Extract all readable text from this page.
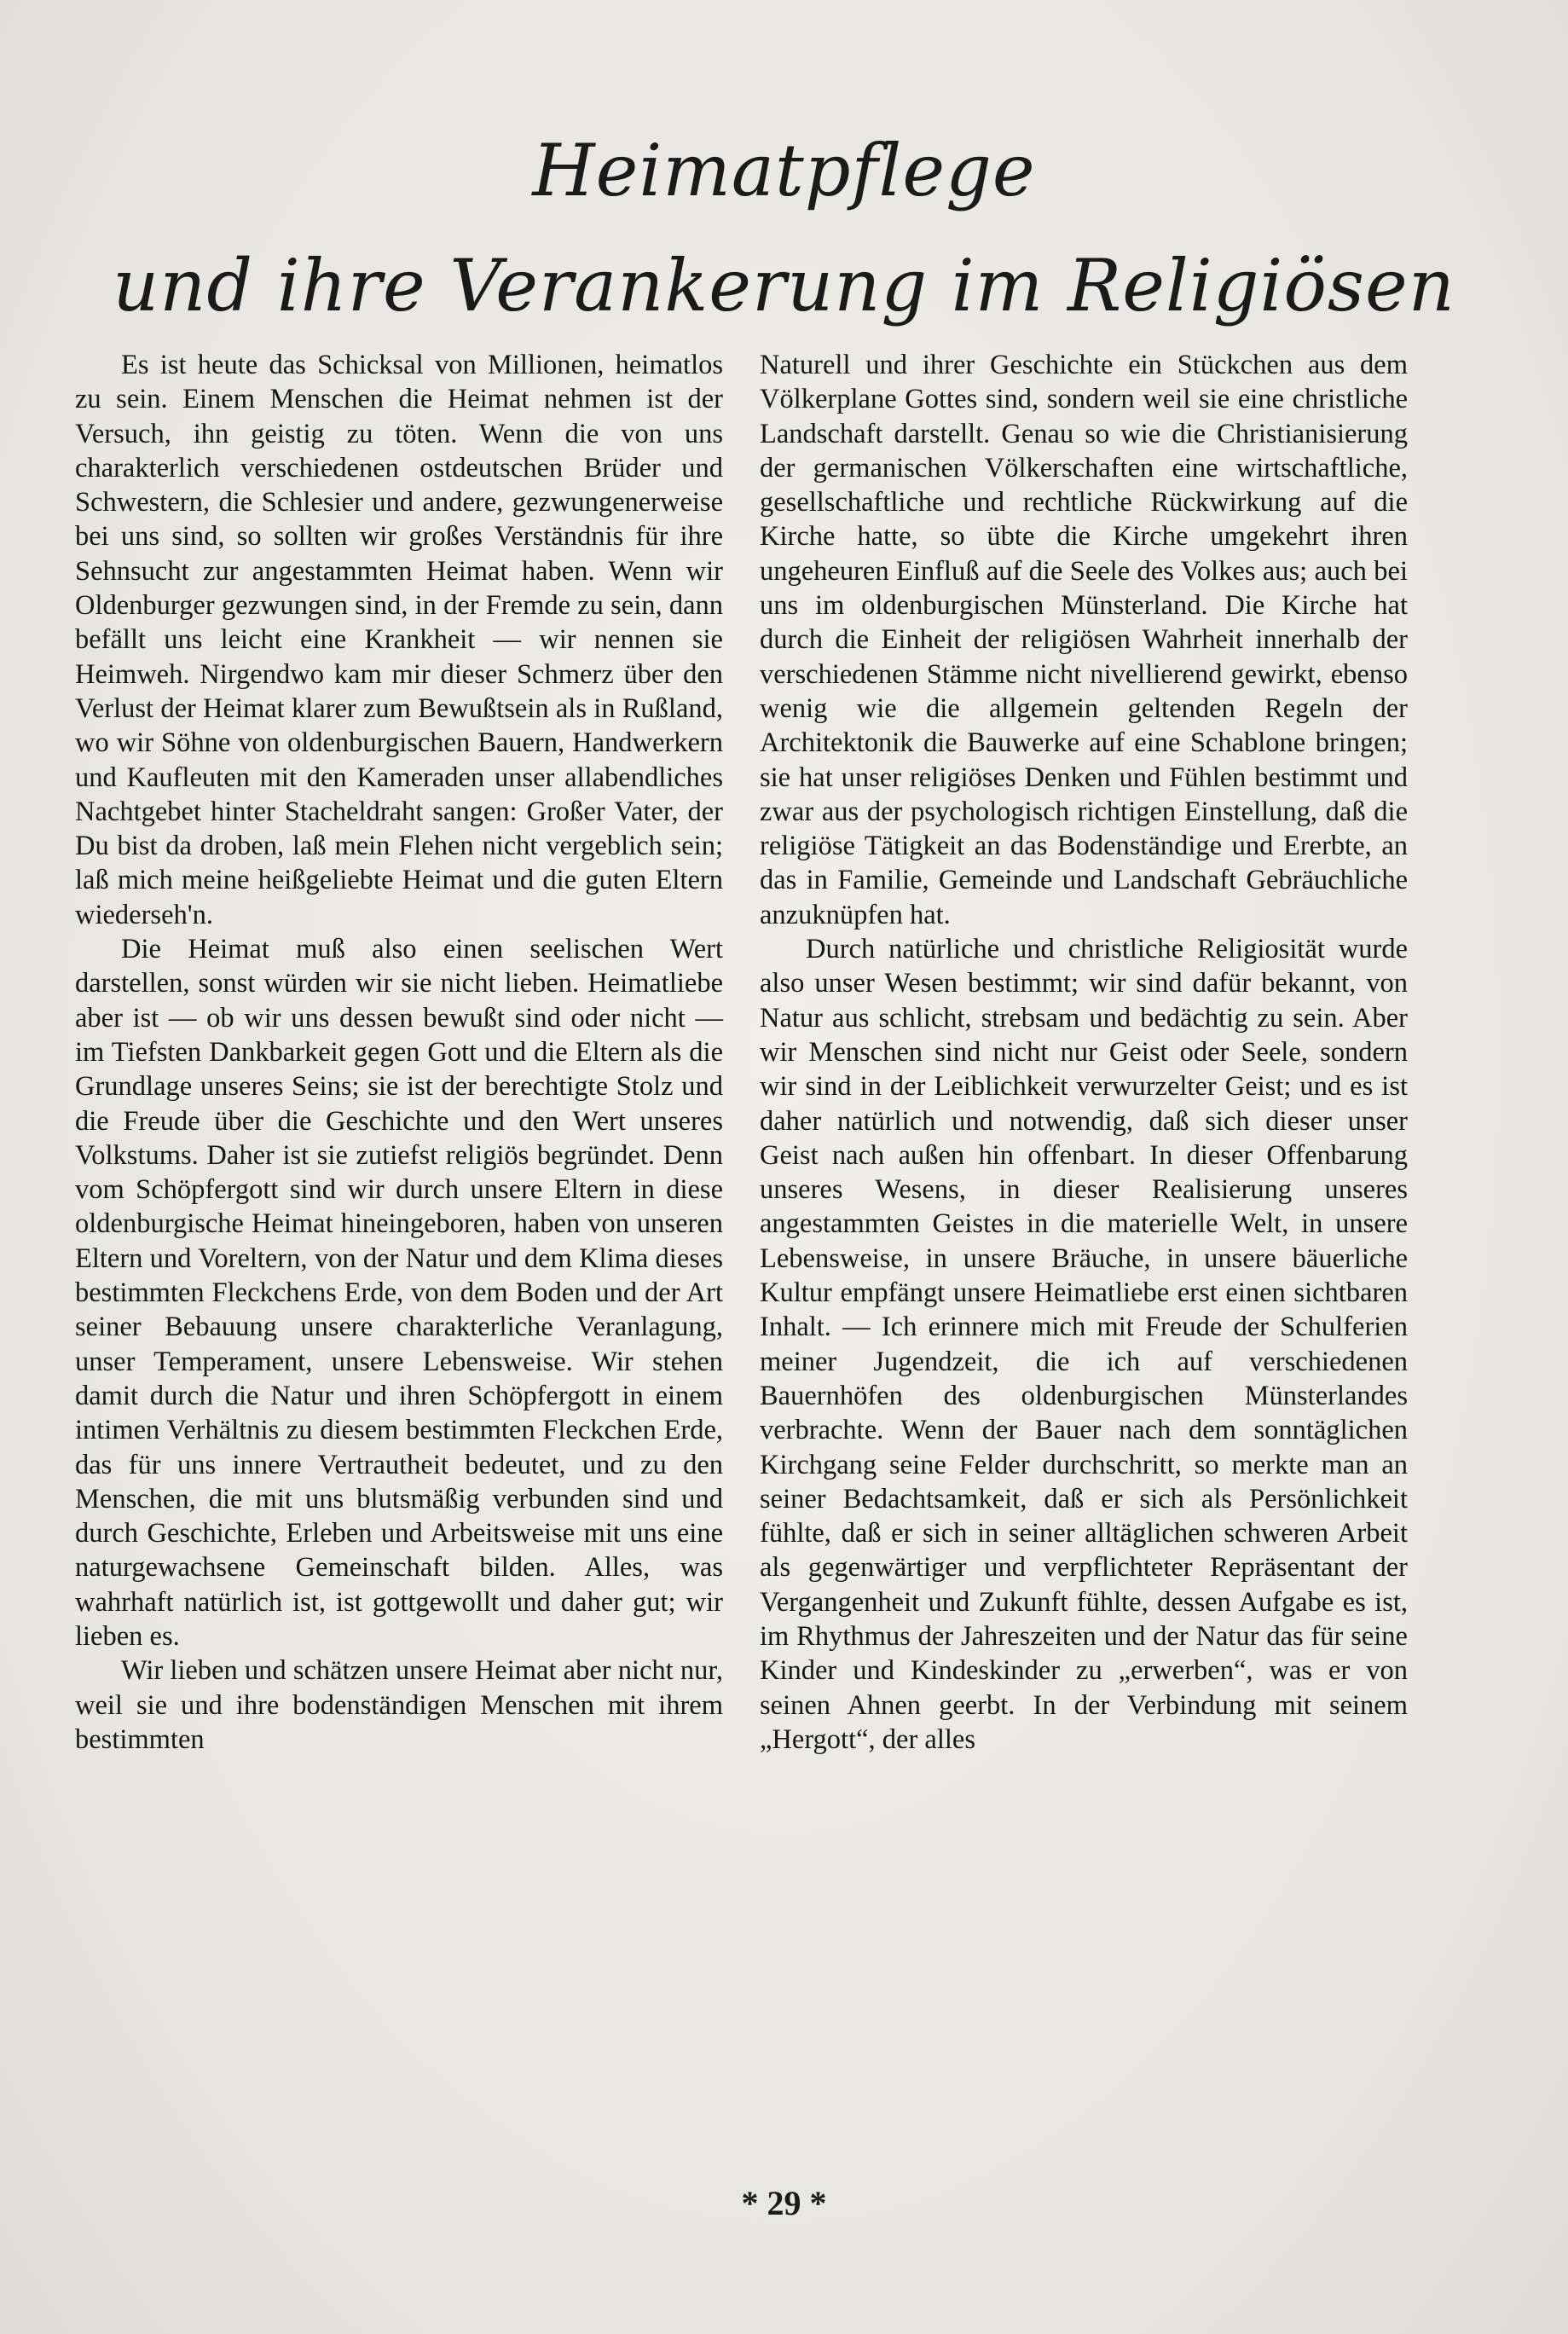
Heimatpflege
und ihre Verankerung im Religiösen

Es ist heute das Schicksal von Millionen, heimatlos zu sein. Einem Menschen die Heimat nehmen ist der Versuch, ihn geistig zu töten. Wenn die von uns charakterlich verschiedenen ostdeutschen Brüder und Schwestern, die Schlesier und andere, gezwungenerweise bei uns sind, so sollten wir großes Verständnis für ihre Sehnsucht zur angestammten Heimat haben. Wenn wir Oldenburger gezwungen sind, in der Fremde zu sein, dann befällt uns leicht eine Krankheit — wir nennen sie Heimweh. Nirgendwo kam mir dieser Schmerz über den Verlust der Heimat klarer zum Bewußtsein als in Rußland, wo wir Söhne von oldenburgischen Bauern, Handwerkern und Kaufleuten mit den Kameraden unser allabendliches Nachtgebet hinter Stacheldraht sangen: Großer Vater, der Du bist da droben, laß mein Flehen nicht vergeblich sein; laß mich meine heißgeliebte Heimat und die guten Eltern wiederseh'n.

Die Heimat muß also einen seelischen Wert darstellen, sonst würden wir sie nicht lieben. Heimatliebe aber ist — ob wir uns dessen bewußt sind oder nicht — im Tiefsten Dankbarkeit gegen Gott und die Eltern als die Grundlage unseres Seins; sie ist der berechtigte Stolz und die Freude über die Geschichte und den Wert unseres Volkstums. Daher ist sie zutiefst religiös begründet. Denn vom Schöpfergott sind wir durch unsere Eltern in diese oldenburgische Heimat hineingeboren, haben von unseren Eltern und Voreltern, von der Natur und dem Klima dieses bestimmten Fleckchens Erde, von dem Boden und der Art seiner Bebauung unsere charakterliche Veranlagung, unser Temperament, unsere Lebensweise. Wir stehen damit durch die Natur und ihren Schöpfergott in einem intimen Verhältnis zu diesem bestimmten Fleckchen Erde, das für uns innere Vertrautheit bedeutet, und zu den Menschen, die mit uns blutsmäßig verbunden sind und durch Geschichte, Erleben und Arbeitsweise mit uns eine naturgewachsene Gemeinschaft bilden. Alles, was wahrhaft natürlich ist, ist gottgewollt und daher gut; wir lieben es.

Wir lieben und schätzen unsere Heimat aber nicht nur, weil sie und ihre bodenständigen Menschen mit ihrem bestimmten

Naturell und ihrer Geschichte ein Stückchen aus dem Völkerplane Gottes sind, sondern weil sie eine christliche Landschaft darstellt. Genau so wie die Christianisierung der germanischen Völkerschaften eine wirtschaftliche, gesellschaftliche und rechtliche Rückwirkung auf die Kirche hatte, so übte die Kirche umgekehrt ihren ungeheuren Einfluß auf die Seele des Volkes aus; auch bei uns im oldenburgischen Münsterland. Die Kirche hat durch die Einheit der religiösen Wahrheit innerhalb der verschiedenen Stämme nicht nivellierend gewirkt, ebenso wenig wie die allgemein geltenden Regeln der Architektonik die Bauwerke auf eine Schablone bringen; sie hat unser religiöses Denken und Fühlen bestimmt und zwar aus der psychologisch richtigen Einstellung, daß die religiöse Tätigkeit an das Bodenständige und Ererbte, an das in Familie, Gemeinde und Landschaft Gebräuchliche anzuknüpfen hat.

Durch natürliche und christliche Religiosität wurde also unser Wesen bestimmt; wir sind dafür bekannt, von Natur aus schlicht, strebsam und bedächtig zu sein. Aber wir Menschen sind nicht nur Geist oder Seele, sondern wir sind in der Leiblichkeit verwurzelter Geist; und es ist daher natürlich und notwendig, daß sich dieser unser Geist nach außen hin offenbart. In dieser Offenbarung unseres Wesens, in dieser Realisierung unseres angestammten Geistes in die materielle Welt, in unsere Lebensweise, in unsere Bräuche, in unsere bäuerliche Kultur empfängt unsere Heimatliebe erst einen sichtbaren Inhalt. — Ich erinnere mich mit Freude der Schulferien meiner Jugendzeit, die ich auf verschiedenen Bauernhöfen des oldenburgischen Münsterlandes verbrachte. Wenn der Bauer nach dem sonntäglichen Kirchgang seine Felder durchschritt, so merkte man an seiner Bedachtsamkeit, daß er sich als Persönlichkeit fühlte, daß er sich in seiner alltäglichen schweren Arbeit als gegenwärtiger und verpflichteter Repräsentant der Vergangenheit und Zukunft fühlte, dessen Aufgabe es ist, im Rhythmus der Jahreszeiten und der Natur das für seine Kinder und Kindeskinder zu „erwerben“, was er von seinen Ahnen geerbt. In der Verbindung mit seinem „Hergott“, der alles

* 29 *
